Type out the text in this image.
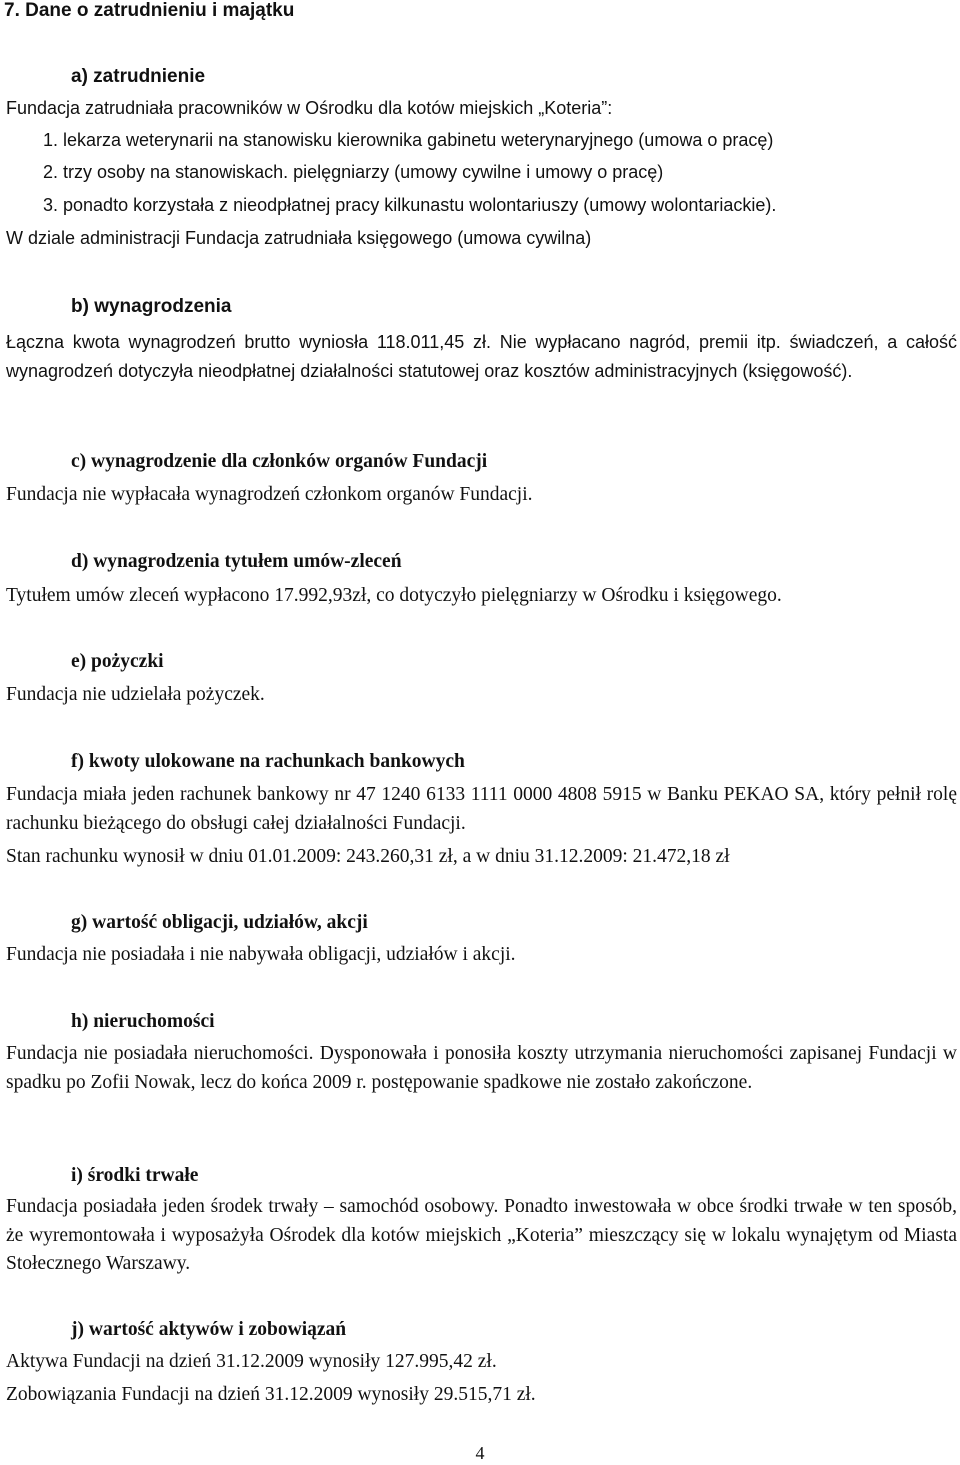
7. Dane o zatrudnieniu i majątku
a) zatrudnienie
Fundacja zatrudniała pracowników w Ośrodku dla kotów miejskich „Koteria”:
1. lekarza weterynarii na stanowisku kierownika gabinetu weterynaryjnego (umowa o pracę)
2. trzy osoby na stanowiskach. pielęgniarzy (umowy cywilne i umowy o pracę)
3. ponadto korzystała z nieodpłatnej pracy kilkunastu wolontariuszy (umowy wolontariackie).
W dziale administracji Fundacja zatrudniała księgowego (umowa cywilna)
b) wynagrodzenia
Łączna kwota wynagrodzeń brutto wyniosła 118.011,45 zł. Nie wypłacano nagród, premii itp. świadczeń, a całość wynagrodzeń dotyczyła nieodpłatnej działalności statutowej oraz kosztów administracyjnych (księgowość).
c) wynagrodzenie dla członków organów Fundacji
Fundacja nie wypłacała wynagrodzeń członkom organów Fundacji.
d) wynagrodzenia tytułem umów-zleceń
Tytułem umów zleceń wypłacono 17.992,93zł, co dotyczyło pielęgniarzy w Ośrodku i księgowego.
e) pożyczki
Fundacja nie udzielała pożyczek.
f) kwoty ulokowane na rachunkach bankowych
Fundacja miała jeden rachunek bankowy nr 47 1240 6133 1111 0000 4808 5915 w Banku PEKAO SA, który pełnił rolę rachunku bieżącego do obsługi całej działalności Fundacji.
Stan rachunku wynosił w dniu 01.01.2009: 243.260,31 zł, a w dniu 31.12.2009: 21.472,18 zł
g) wartość obligacji, udziałów, akcji
Fundacja nie posiadała i nie nabywała obligacji, udziałów i akcji.
h) nieruchomości
Fundacja nie posiadała nieruchomości. Dysponowała i ponosiła koszty utrzymania nieruchomości zapisanej Fundacji w spadku po Zofii Nowak, lecz do końca 2009 r. postępowanie spadkowe nie zostało zakończone.
i) środki trwałe
Fundacja posiadała jeden środek trwały – samochód osobowy. Ponadto inwestowała w obce środki trwałe w ten sposób, że wyremontowała i wyposażyła Ośrodek dla kotów miejskich „Koteria” mieszczący się w lokalu wynajętym od Miasta Stołecznego Warszawy.
j) wartość aktywów i zobowiązań
Aktywa Fundacji na dzień 31.12.2009 wynosiły 127.995,42 zł.
Zobowiązania Fundacji na dzień 31.12.2009 wynosiły 29.515,71 zł.
4
